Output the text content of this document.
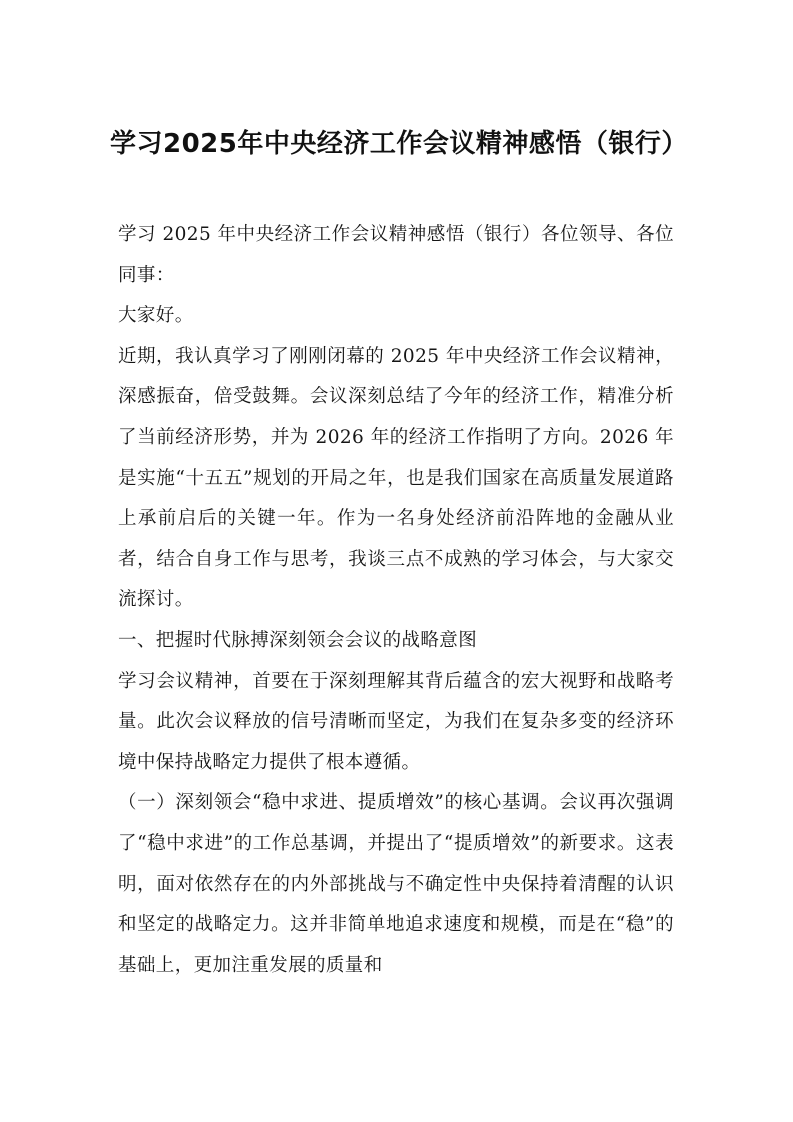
学习2025年中央经济工作会议精神感悟（银行）

学习 2025 年中央经济工作会议精神感悟（银行）各位领导、各位同事：

大家好。

近期，我认真学习了刚刚闭幕的 2025 年中央经济工作会议精神，深感振奋，倍受鼓舞。会议深刻总结了今年的经济工作，精准分析了当前经济形势，并为 2026 年的经济工作指明了方向。2026 年是实施“十五五”规划的开局之年，也是我们国家在高质量发展道路上承前启后的关键一年。作为一名身处经济前沿阵地的金融从业者，结合自身工作与思考，我谈三点不成熟的学习体会，与大家交流探讨。

一、把握时代脉搏深刻领会会议的战略意图

学习会议精神，首要在于深刻理解其背后蕴含的宏大视野和战略考量。此次会议释放的信号清晰而坚定，为我们在复杂多变的经济环境中保持战略定力提供了根本遵循。

（一）深刻领会“稳中求进、提质增效”的核心基调。会议再次强调了“稳中求进”的工作总基调，并提出了“提质增效”的新要求。这表明，面对依然存在的内外部挑战与不确定性中央保持着清醒的认识和坚定的战略定力。这并非简单地追求速度和规模，而是在“稳”的基础上，更加注重发展的质量和
